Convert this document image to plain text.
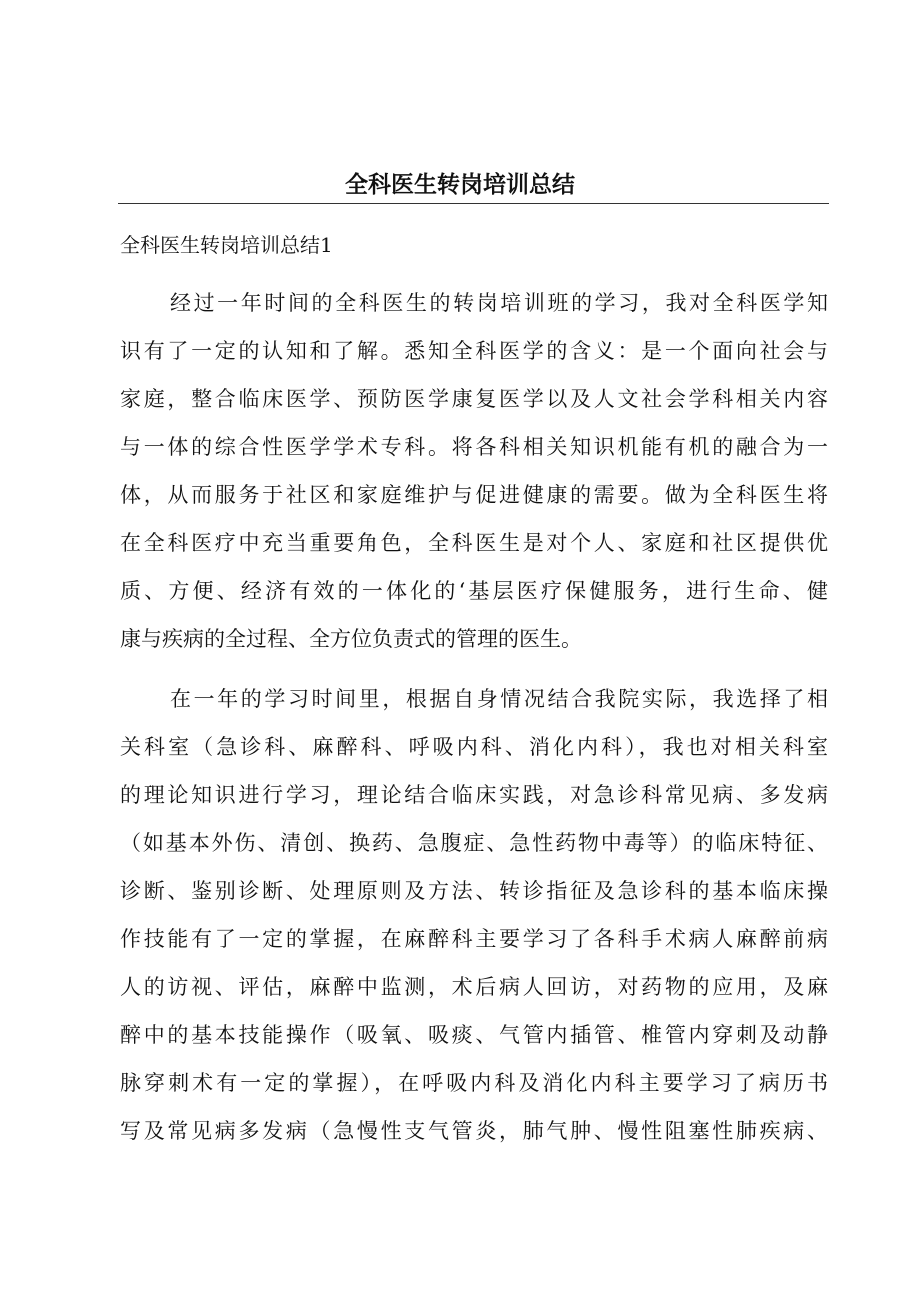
全科医生转岗培训总结

全科医生转岗培训总结1

经过一年时间的全科医生的转岗培训班的学习，我对全科医学知
识有了一定的认知和了解。悉知全科医学的含义：是一个面向社会与
家庭，整合临床医学、预防医学康复医学以及人文社会学科相关内容
与一体的综合性医学学术专科。将各科相关知识机能有机的融合为一
体，从而服务于社区和家庭维护与促进健康的需要。做为全科医生将
在全科医疗中充当重要角色，全科医生是对个人、家庭和社区提供优
质、方便、经济有效的一体化的‘基层医疗保健服务，进行生命、健
康与疾病的全过程、全方位负责式的管理的医生。
在一年的学习时间里，根据自身情况结合我院实际，我选择了相
关科室（急诊科、麻醉科、呼吸内科、消化内科），我也对相关科室
的理论知识进行学习，理论结合临床实践，对急诊科常见病、多发病
（如基本外伤、清创、换药、急腹症、急性药物中毒等）的临床特征、
诊断、鉴别诊断、处理原则及方法、转诊指征及急诊科的基本临床操
作技能有了一定的掌握，在麻醉科主要学习了各科手术病人麻醉前病
人的访视、评估，麻醉中监测，术后病人回访，对药物的应用，及麻
醉中的基本技能操作（吸氧、吸痰、气管内插管、椎管内穿刺及动静
脉穿刺术有一定的掌握），在呼吸内科及消化内科主要学习了病历书
写及常见病多发病（急慢性支气管炎，肺气肿、慢性阻塞性肺疾病、
